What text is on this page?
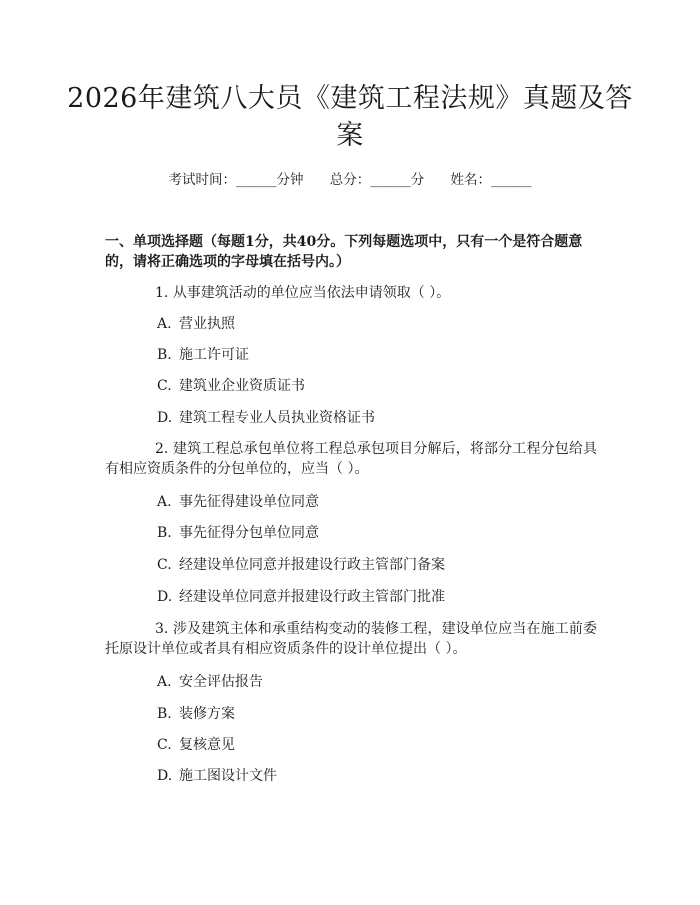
2026年建筑八大员《建筑工程法规》真题及答案
考试时间：______分钟 总分：______分 姓名：______
一、单项选择题（每题1分，共40分。下列每题选项中，只有一个是符合题意的，请将正确选项的字母填在括号内。）
1. 从事建筑活动的单位应当依法申请领取（ ）。
A. 营业执照
B. 施工许可证
C. 建筑业企业资质证书
D. 建筑工程专业人员执业资格证书
2. 建筑工程总承包单位将工程总承包项目分解后，将部分工程分包给具有相应资质条件的分包单位的，应当（ ）。
A. 事先征得建设单位同意
B. 事先征得分包单位同意
C. 经建设单位同意并报建设行政主管部门备案
D. 经建设单位同意并报建设行政主管部门批准
3. 涉及建筑主体和承重结构变动的装修工程，建设单位应当在施工前委托原设计单位或者具有相应资质条件的设计单位提出（ ）。
A. 安全评估报告
B. 装修方案
C. 复核意见
D. 施工图设计文件
